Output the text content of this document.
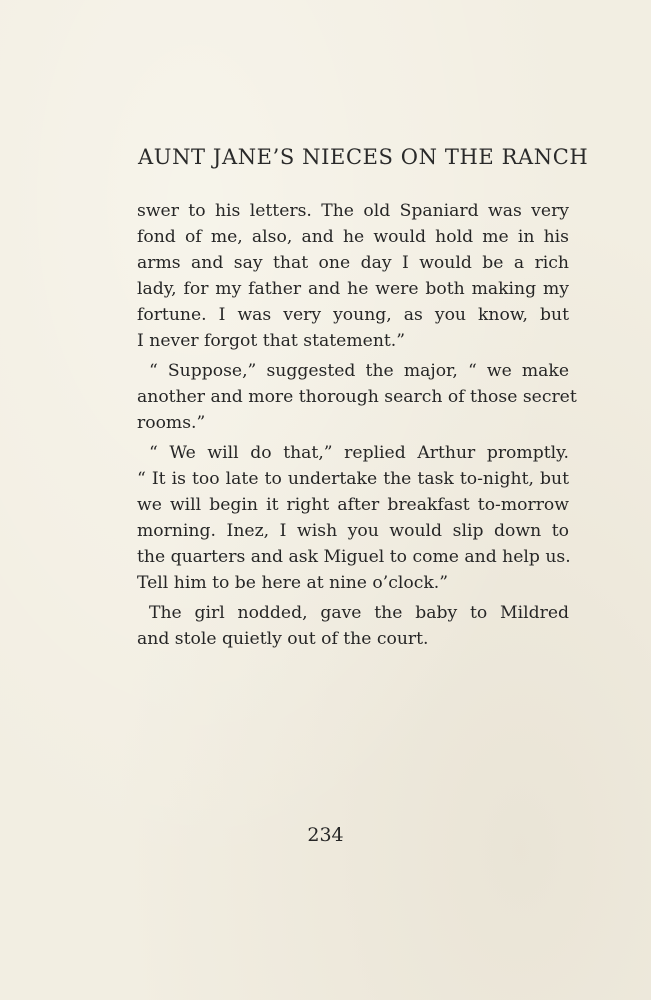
AUNT JANE’S NIECES ON THE RANCH
swer to his letters. The old Spaniard was very
fond of me, also, and he would hold me in his
arms and say that one day I would be a rich
lady, for my father and he were both making my
fortune. I was very young, as you know, but
I never forgot that statement.”
“ Suppose,” suggested the major, “ we make
another and more thorough search of those secret
rooms.”
“ We will do that,” replied Arthur promptly.
“ It is too late to undertake the task to-night, but
we will begin it right after breakfast to-morrow
morning. Inez, I wish you would slip down to
the quarters and ask Miguel to come and help us.
Tell him to be here at nine o’clock.”
The girl nodded, gave the baby to Mildred
and stole quietly out of the court.
234
